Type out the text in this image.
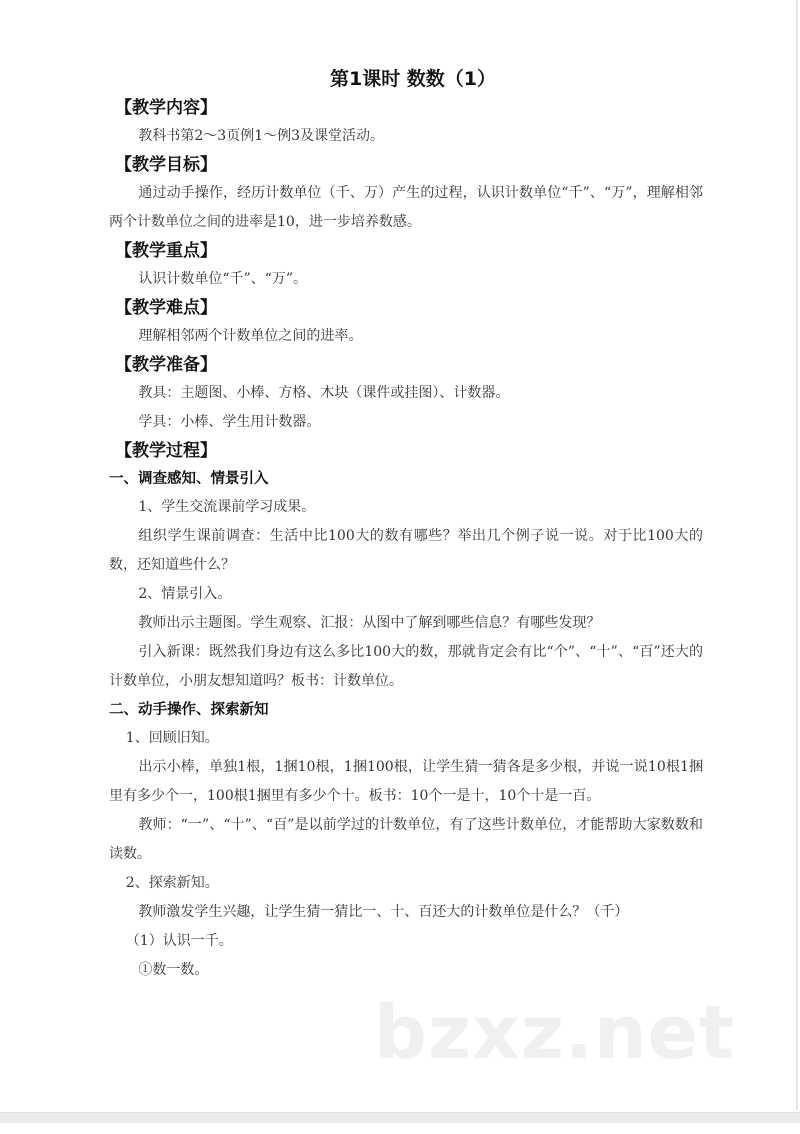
第1课时 数数（1）
【教学内容】
教科书第2～3页例1～例3及课堂活动。
【教学目标】
通过动手操作，经历计数单位（千、万）产生的过程，认识计数单位“千”、“万”，理解相邻两个计数单位之间的进率是10，进一步培养数感。
【教学重点】
认识计数单位“千”、“万”。
【教学难点】
理解相邻两个计数单位之间的进率。
【教学准备】
教具：主题图、小棒、方格、木块（课件或挂图）、计数器。
学具：小棒、学生用计数器。
【教学过程】
一、调查感知、情景引入
1、学生交流课前学习成果。
组织学生课前调查：生活中比100大的数有哪些？举出几个例子说一说。对于比100大的数，还知道些什么？
2、情景引入。
教师出示主题图。学生观察、汇报：从图中了解到哪些信息？有哪些发现？
引入新课：既然我们身边有这么多比100大的数，那就肯定会有比“个”、“十”、“百”还大的计数单位，小朋友想知道吗？板书：计数单位。
二、动手操作、探索新知
1、回顾旧知。
出示小棒，单独1根，1捆10根，1捆100根，让学生猜一猜各是多少根，并说一说10根1捆里有多少个一，100根1捆里有多少个十。板书：10个一是十，10个十是一百。
教师：“一”、“十”、“百”是以前学过的计数单位，有了这些计数单位，才能帮助大家数数和读数。
2、探索新知。
教师激发学生兴趣，让学生猜一猜比一、十、百还大的计数单位是什么？（千）
（1）认识一千。
①数一数。
bzxz.net
